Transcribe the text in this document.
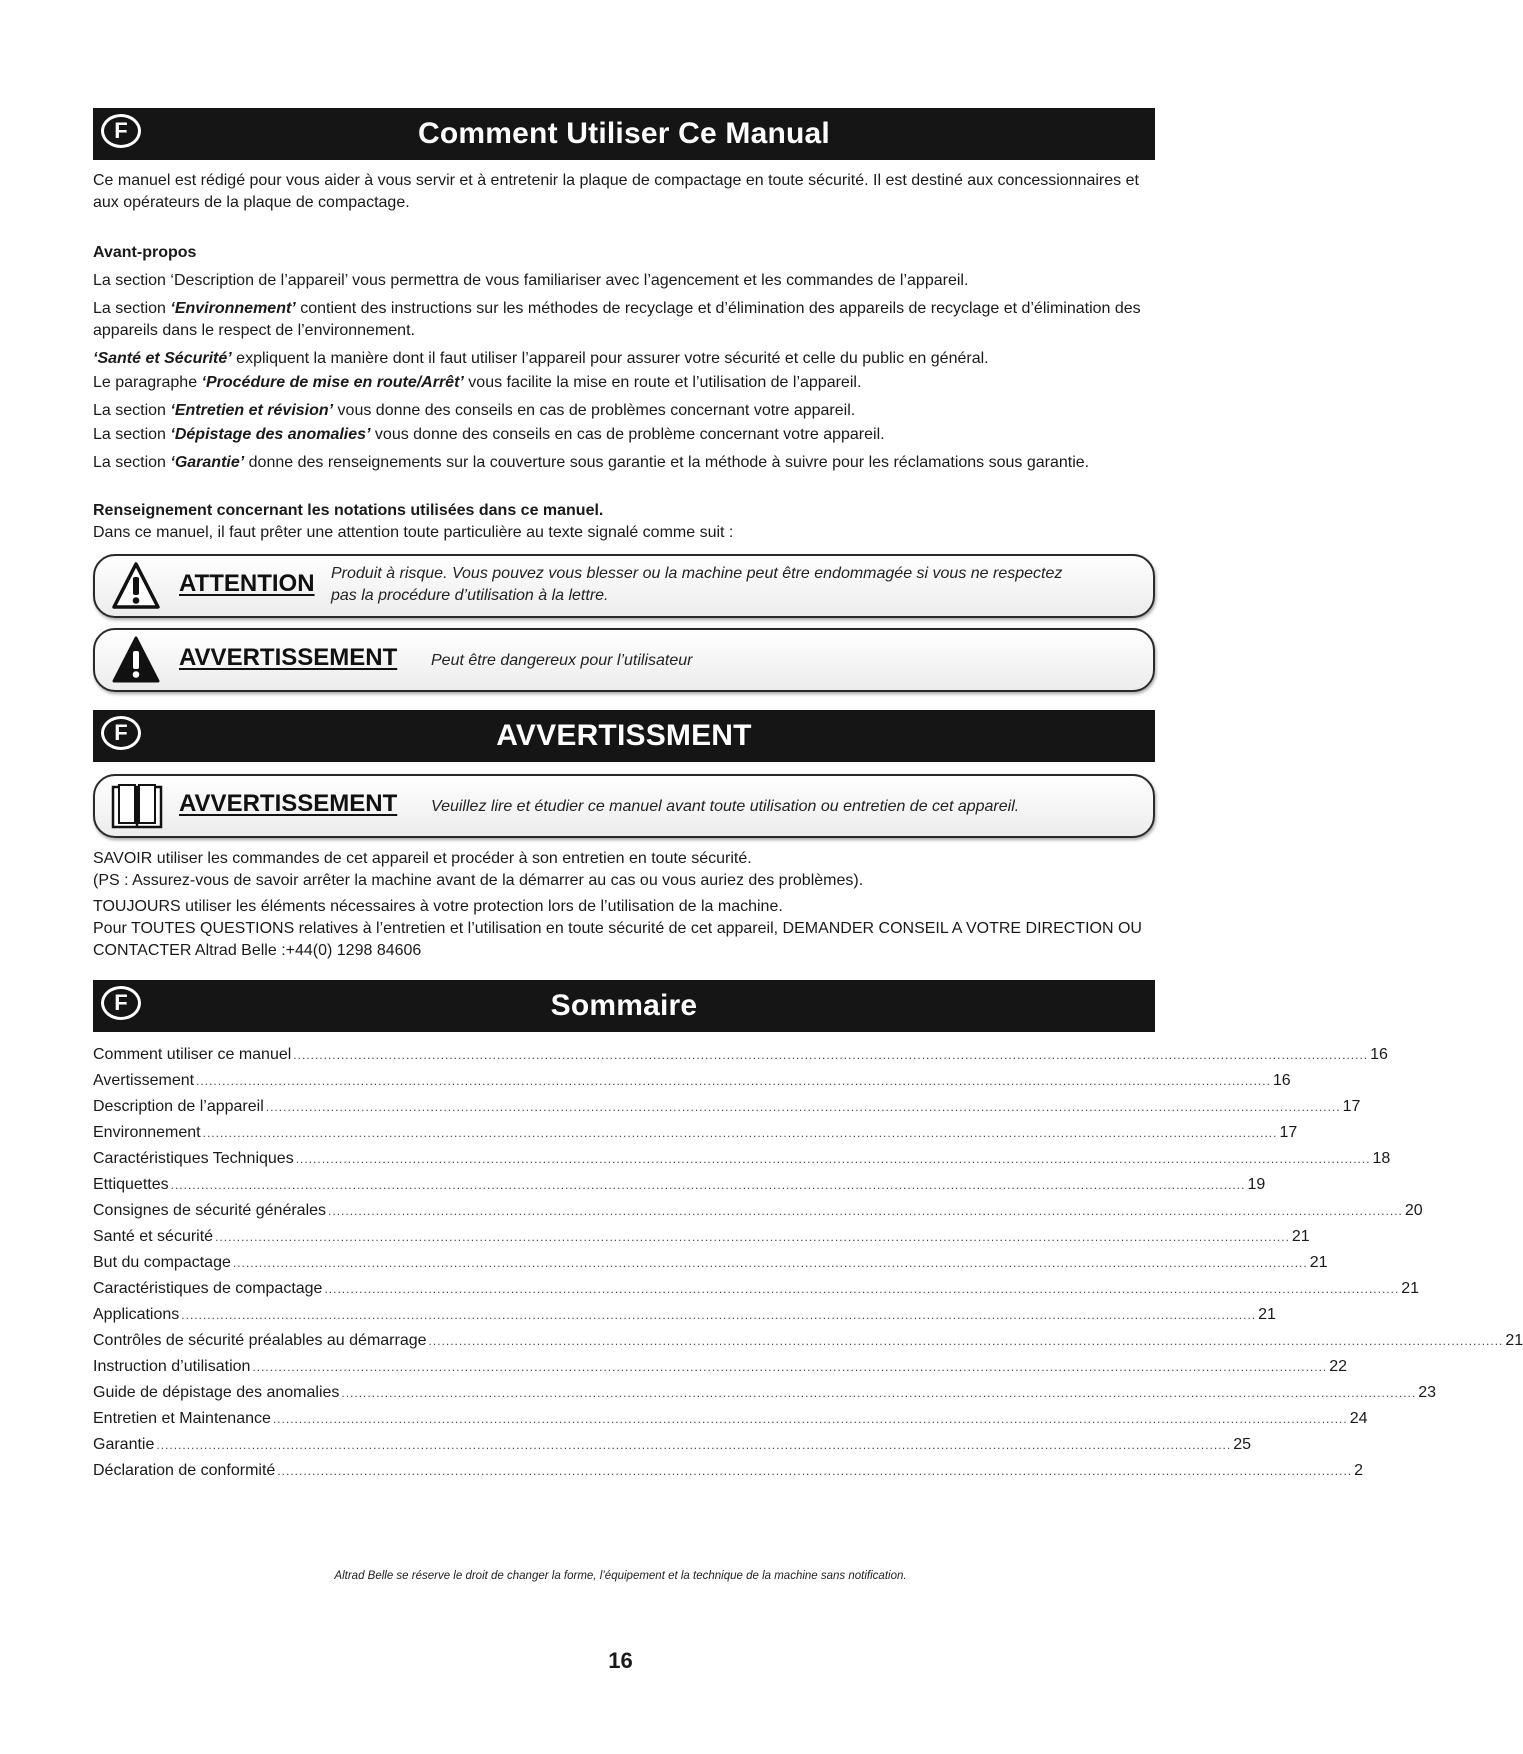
F	Comment Utiliser Ce Manual

Ce manuel est rédigé pour vous aider à vous servir et à entretenir la plaque de compactage en toute sécurité. Il est destiné aux concessionnaires et aux opérateurs de la plaque de compactage.

Avant-propos

La section ‘Description de l’appareil’ vous permettra de vous familiariser avec l’agencement et les commandes de l’appareil.

La section ‘Environnement’ contient des instructions sur les méthodes de recyclage et d’élimination des appareils de recyclage et d’élimination des appareils dans le respect de l’environnement.

‘Santé et Sécurité’ expliquent la manière dont il faut utiliser l’appareil pour assurer votre sécurité et celle du public en général.

Le paragraphe ‘Procédure de mise en route/Arrêt’ vous facilite la mise en route et l’utilisation de l’appareil.

La section ‘Entretien et révision’ vous donne des conseils en cas de problèmes concernant votre appareil.

La section ‘Dépistage des anomalies’ vous donne des conseils en cas de problème concernant votre appareil.

La section ‘Garantie’ donne des renseignements sur la couverture sous garantie et la méthode à suivre pour les réclamations sous garantie.

Renseignement concernant les notations utilisées dans ce manuel.

Dans ce manuel, il faut prêter une attention toute particulière au texte signalé comme suit :

ATTENTION Produit à risque. Vous pouvez vous blesser ou la machine peut être endommagée si vous ne respectez pas la procédure d’utilisation à la lettre.
AVVERTISSEMENT Peut être dangereux pour l’utilisateur
F	AVVERTISSMENT
AVVERTISSEMENT Veuillez lire et étudier ce manuel avant toute utilisation ou entretien de cet appareil.

SAVOIR utiliser les commandes de cet appareil et procéder à son entretien en toute sécurité.

(PS : Assurez-vous de savoir arrêter la machine avant de la démarrer au cas ou vous auriez des problèmes).

TOUJOURS utiliser les éléments nécessaires à votre protection lors de l’utilisation de la machine.

Pour TOUTES QUESTIONS relatives à l’entretien et l’utilisation en toute sécurité de cet appareil, DEMANDER CONSEIL A VOTRE DIRECTION OU CONTACTER Altrad Belle :+44(0) 1298 84606

F	Sommaire
Comment utiliser ce manuel ........................................................................................................................................................................................................................................................ 16
Avertissement ........................................................................................................................................................................................................................................................ 16
Description de l’appareil ........................................................................................................................................................................................................................................................ 17
Environnement ........................................................................................................................................................................................................................................................ 17
Caractéristiques Techniques ........................................................................................................................................................................................................................................................ 18
Ettiquettes ........................................................................................................................................................................................................................................................ 19
Consignes de sécurité générales ........................................................................................................................................................................................................................................................ 20
Santé et sécurité ........................................................................................................................................................................................................................................................ 21
But du compactage ........................................................................................................................................................................................................................................................ 21
Caractéristiques de compactage ........................................................................................................................................................................................................................................................ 21
Applications ........................................................................................................................................................................................................................................................ 21
Contrôles de sécurité préalables au démarrage ........................................................................................................................................................................................................................................................ 21
Instruction d’utilisation ........................................................................................................................................................................................................................................................ 22
Guide de dépistage des anomalies ........................................................................................................................................................................................................................................................ 23
Entretien et Maintenance ........................................................................................................................................................................................................................................................ 24
Garantie ........................................................................................................................................................................................................................................................ 25
Déclaration de conformité ........................................................................................................................................................................................................................................................ 2
Altrad Belle se réserve le droit de changer la forme, l’équipement et la technique de la machine sans notification.
16
